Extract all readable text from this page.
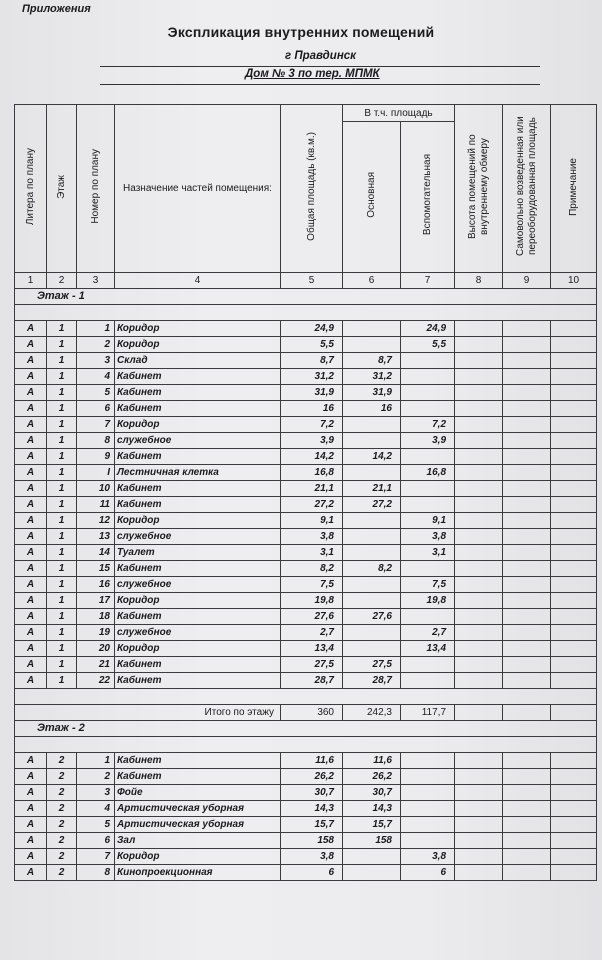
Приложения
Экспликация внутренних помещений
г Правдинск
Дом № 3 по тер. МПМК
Литера по плану	Этаж	Номер по плану	Назначение частей помещения:	Общая площадь (кв.м.)	В т.ч. площадь		Высота помещений по внутреннему обмеру	Самовольно возведенная или переоборудованная площадь	Примечание
					Основная	Вспомогательная			
1	2	3	4	5	6	7	8	9	10
Этаж - 1									

А	1	1	Коридор	24,9		24,9			
А	1	2	Коридор	5,5		5,5			
А	1	3	Склад	8,7	8,7				
А	1	4	Кабинет	31,2	31,2				
А	1	5	Кабинет	31,9	31,9				
А	1	6	Кабинет	16	16				
А	1	7	Коридор	7,2		7,2			
А	1	8	служебное	3,9		3,9			
А	1	9	Кабинет	14,2	14,2				
А	1	I	Лестничная клетка	16,8		16,8			
А	1	10	Кабинет	21,1	21,1				
А	1	11	Кабинет	27,2	27,2				
А	1	12	Коридор	9,1		9,1			
А	1	13	служебное	3,8		3,8			
А	1	14	Туалет	3,1		3,1			
А	1	15	Кабинет	8,2	8,2				
А	1	16	служебное	7,5		7,5			
А	1	17	Коридор	19,8		19,8			
А	1	18	Кабинет	27,6	27,6				
А	1	19	служебное	2,7		2,7			
А	1	20	Коридор	13,4		13,4			
А	1	21	Кабинет	27,5	27,5				
А	1	22	Кабинет	28,7	28,7				

Итого по этажу				360	242,3	117,7			
Этаж - 2									

А	2	1	Кабинет	11,6	11,6				
А	2	2	Кабинет	26,2	26,2				
А	2	3	Фойе	30,7	30,7				
А	2	4	Артистическая уборная	14,3	14,3				
А	2	5	Артистическая уборная	15,7	15,7				
А	2	6	Зал	158	158				
А	2	7	Коридор	3,8		3,8			
А	2	8	Кинопроекционная	6		6			
